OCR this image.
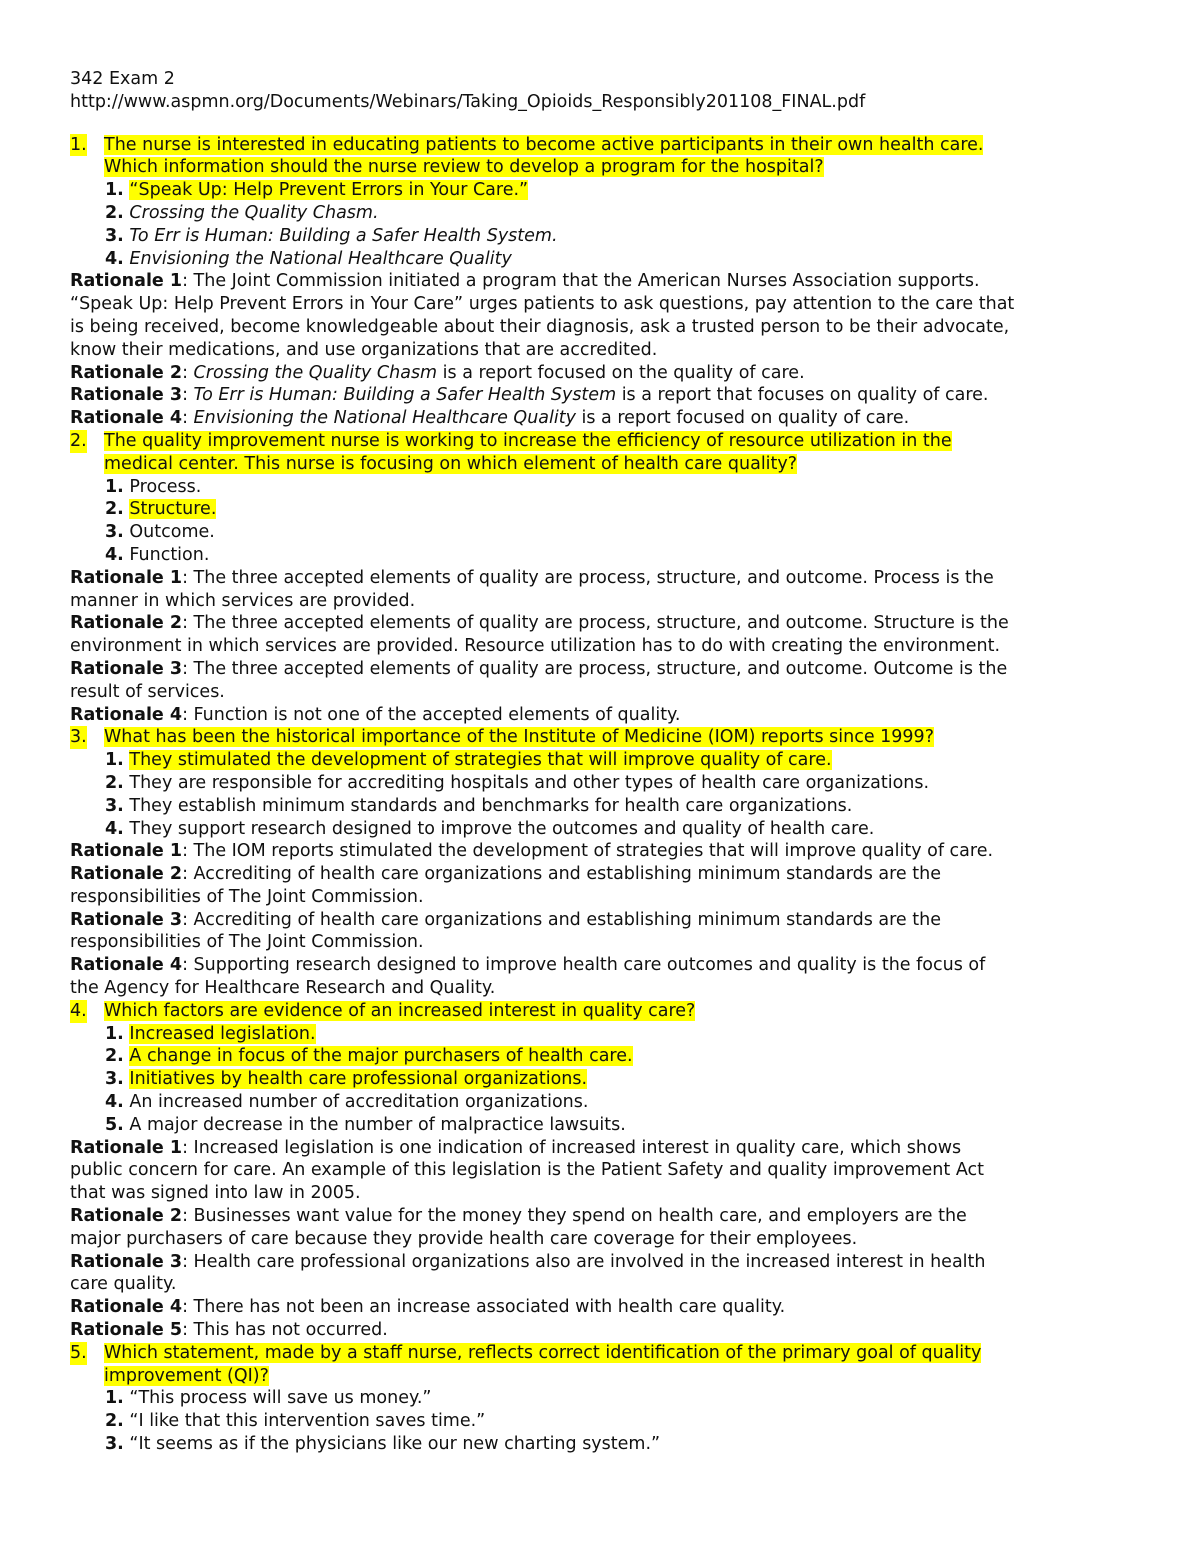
342 Exam 2
http://www.aspmn.org/Documents/Webinars/Taking_Opioids_Responsibly201108_FINAL.pdf
1. The nurse is interested in educating patients to become active participants in their own health care.
Which information should the nurse review to develop a program for the hospital?
1. “Speak Up: Help Prevent Errors in Your Care.”
2. Crossing the Quality Chasm.
3. To Err is Human: Building a Safer Health System.
4. Envisioning the National Healthcare Quality
Rationale 1: The Joint Commission initiated a program that the American Nurses Association supports.
“Speak Up: Help Prevent Errors in Your Care” urges patients to ask questions, pay attention to the care that
is being received, become knowledgeable about their diagnosis, ask a trusted person to be their advocate,
know their medications, and use organizations that are accredited.
Rationale 2: Crossing the Quality Chasm is a report focused on the quality of care.
Rationale 3: To Err is Human: Building a Safer Health System is a report that focuses on quality of care.
Rationale 4: Envisioning the National Healthcare Quality is a report focused on quality of care.
2. The quality improvement nurse is working to increase the efficiency of resource utilization in the
medical center. This nurse is focusing on which element of health care quality?
1. Process.
2. Structure.
3. Outcome.
4. Function.
Rationale 1: The three accepted elements of quality are process, structure, and outcome. Process is the
manner in which services are provided.
Rationale 2: The three accepted elements of quality are process, structure, and outcome. Structure is the
environment in which services are provided. Resource utilization has to do with creating the environment.
Rationale 3: The three accepted elements of quality are process, structure, and outcome. Outcome is the
result of services.
Rationale 4: Function is not one of the accepted elements of quality.
3. What has been the historical importance of the Institute of Medicine (IOM) reports since 1999?
1. They stimulated the development of strategies that will improve quality of care.
2. They are responsible for accrediting hospitals and other types of health care organizations.
3. They establish minimum standards and benchmarks for health care organizations.
4. They support research designed to improve the outcomes and quality of health care.
Rationale 1: The IOM reports stimulated the development of strategies that will improve quality of care.
Rationale 2: Accrediting of health care organizations and establishing minimum standards are the
responsibilities of The Joint Commission.
Rationale 3: Accrediting of health care organizations and establishing minimum standards are the
responsibilities of The Joint Commission.
Rationale 4: Supporting research designed to improve health care outcomes and quality is the focus of
the Agency for Healthcare Research and Quality.
4. Which factors are evidence of an increased interest in quality care?
1. Increased legislation.
2. A change in focus of the major purchasers of health care.
3. Initiatives by health care professional organizations.
4. An increased number of accreditation organizations.
5. A major decrease in the number of malpractice lawsuits.
Rationale 1: Increased legislation is one indication of increased interest in quality care, which shows
public concern for care. An example of this legislation is the Patient Safety and quality improvement Act
that was signed into law in 2005.
Rationale 2: Businesses want value for the money they spend on health care, and employers are the
major purchasers of care because they provide health care coverage for their employees.
Rationale 3: Health care professional organizations also are involved in the increased interest in health
care quality.
Rationale 4: There has not been an increase associated with health care quality.
Rationale 5: This has not occurred.
5. Which statement, made by a staff nurse, reflects correct identification of the primary goal of quality
improvement (QI)?
1. “This process will save us money.”
2. “I like that this intervention saves time.”
3. “It seems as if the physicians like our new charting system.”
